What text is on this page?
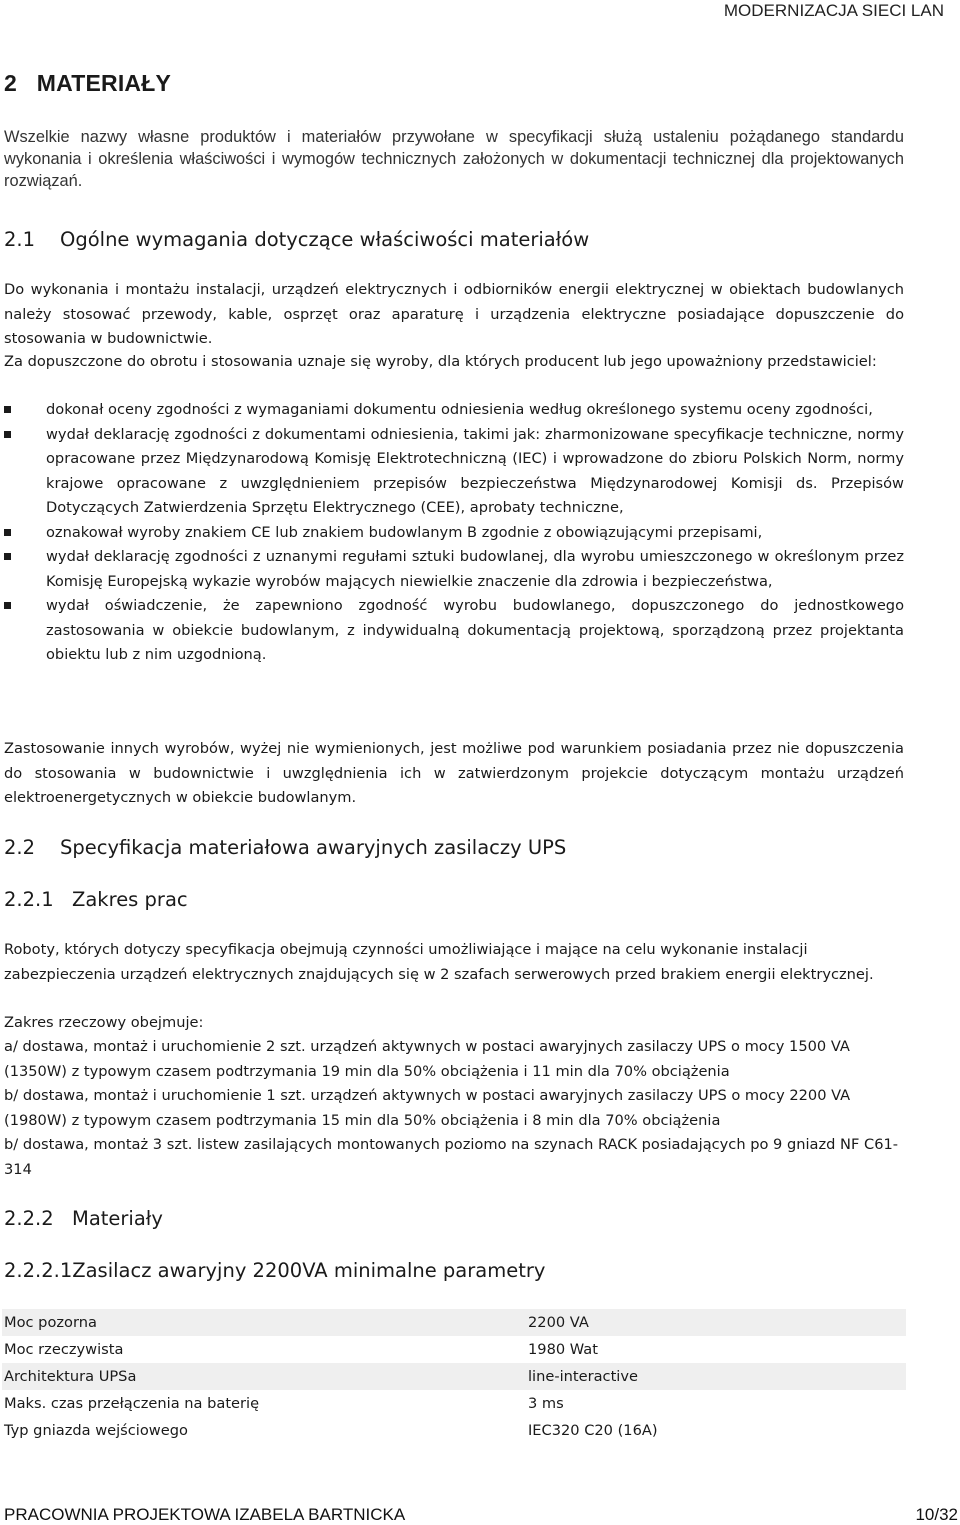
MODERNIZACJA SIECI LAN
2 MATERIAŁY

Wszelkie nazwy własne produktów i materiałów przywołane w specyfikacji służą ustaleniu pożądanego standardu wykonania i określenia właściwości i wymogów technicznych założonych w dokumentacji technicznej dla projektowanych rozwiązań.

2.1 Ogólne wymagania dotyczące właściwości materiałów

Do wykonania i montażu instalacji, urządzeń elektrycznych i odbiorników energii elektrycznej w obiektach budowlanych należy stosować przewody, kable, osprzęt oraz aparaturę i urządzenia elektryczne posiadające dopuszczenie do stosowania w budownictwie.

Za dopuszczone do obrotu i stosowania uznaje się wyroby, dla których producent lub jego upoważniony przedstawiciel:

dokonał oceny zgodności z wymaganiami dokumentu odniesienia według określonego systemu oceny zgodności,
wydał deklarację zgodności z dokumentami odniesienia, takimi jak: zharmonizowane specyfikacje techniczne, normy opracowane przez Międzynarodową Komisję Elektrotechniczną (IEC) i wprowadzone do zbioru Polskich Norm, normy krajowe opracowane z uwzględnieniem przepisów bezpieczeństwa Międzynarodowej Komisji ds. Przepisów Dotyczących Zatwierdzenia Sprzętu Elektrycznego (CEE), aprobaty techniczne,
oznakował wyroby znakiem CE lub znakiem budowlanym B zgodnie z obowiązującymi przepisami,
wydał deklarację zgodności z uznanymi regułami sztuki budowlanej, dla wyrobu umieszczonego w określonym przez Komisję Europejską wykazie wyrobów mających niewielkie znaczenie dla zdrowia i bezpieczeństwa,
wydał oświadczenie, że zapewniono zgodność wyrobu budowlanego, dopuszczonego do jednostkowego zastosowania w obiekcie budowlanym, z indywidualną dokumentacją projektową, sporządzoną przez projektanta obiektu lub z nim uzgodnioną.

Zastosowanie innych wyrobów, wyżej nie wymienionych, jest możliwe pod warunkiem posiadania przez nie dopuszczenia do stosowania w budownictwie i uwzględnienia ich w zatwierdzonym projekcie dotyczącym montażu urządzeń elektroenergetycznych w obiekcie budowlanym.

2.2 Specyfikacja materiałowa awaryjnych zasilaczy UPS
2.2.1 Zakres prac

Roboty, których dotyczy specyfikacja obejmują czynności umożliwiające i mające na celu wykonanie instalacji zabezpieczenia urządzeń elektrycznych znajdujących się w 2 szafach serwerowych przed brakiem energii elektrycznej.

Zakres rzeczowy obejmuje:

a/ dostawa, montaż i uruchomienie 2 szt. urządzeń aktywnych w postaci awaryjnych zasilaczy UPS o mocy 1500 VA (1350W) z typowym czasem podtrzymania 19 min dla 50% obciążenia i 11 min dla 70% obciążenia

b/ dostawa, montaż i uruchomienie 1 szt. urządzeń aktywnych w postaci awaryjnych zasilaczy UPS o mocy 2200 VA (1980W) z typowym czasem podtrzymania 15 min dla 50% obciążenia i 8 min dla 70% obciążenia

b/ dostawa, montaż 3 szt. listew zasilających montowanych poziomo na szynach RACK posiadających po 9 gniazd NF C61-314

2.2.2 Materiały
2.2.2.1Zasilacz awaryjny 2200VA minimalne parametry
Moc pozorna	2200 VA
Moc rzeczywista	1980 Wat
Architektura UPSa	line-interactive
Maks. czas przełączenia na baterię	3 ms
Typ gniazda wejściowego	IEC320 C20 (16A)
PRACOWNIA PROJEKTOWA IZABELA BARTNICKA	10/32
